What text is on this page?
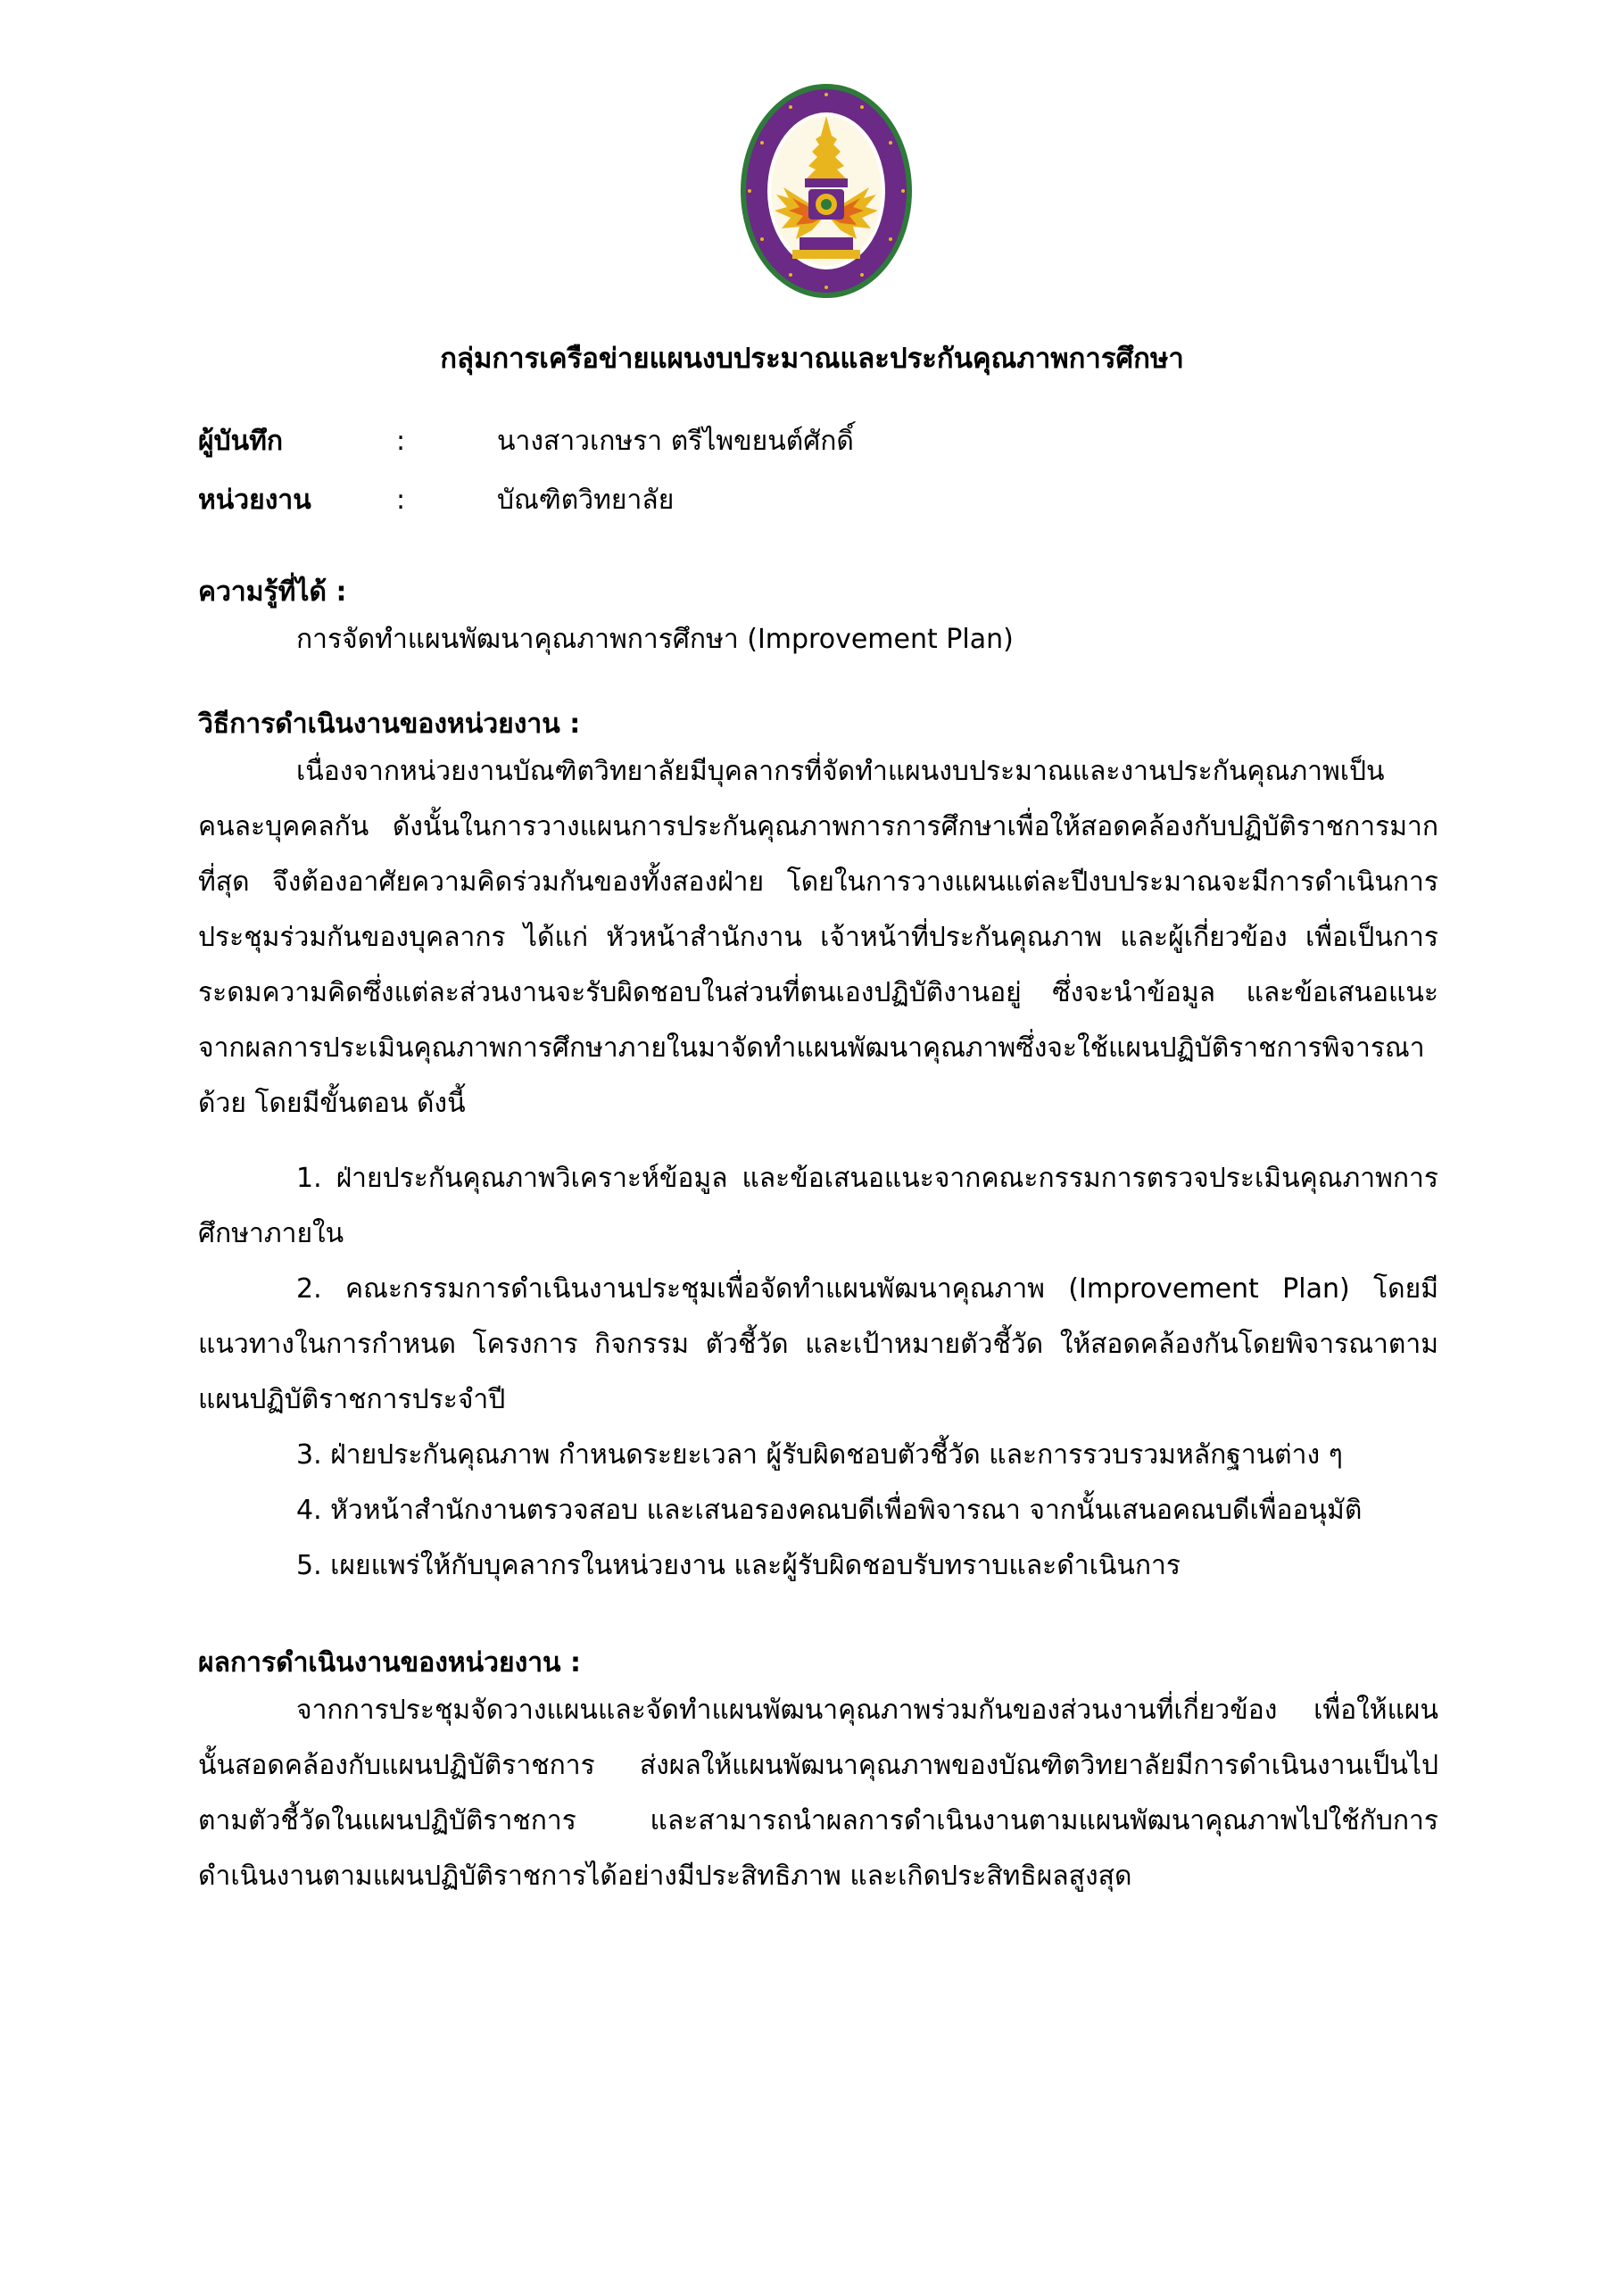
กลุ่มการเครือข่ายแผนงบประมาณและประกันคุณภาพการศึกษา
ผู้บันทึก	:	นางสาวเกษรา ตรีไพขยนต์ศักดิ์
หน่วยงาน	:	บัณฑิตวิทยาลัย
ความรู้ที่ได้ :
การจัดทำแผนพัฒนาคุณภาพการศึกษา (Improvement Plan)
วิธีการดำเนินงานของหน่วยงาน :
เนื่องจากหน่วยงานบัณฑิตวิทยาลัยมีบุคลากรที่จัดทำแผนงบประมาณและงานประกันคุณภาพเป็นคนละบุคคลกัน ดังนั้นในการวางแผนการประกันคุณภาพการการศึกษาเพื่อให้สอดคล้องกับปฏิบัติราชการมากที่สุด จึงต้องอาศัยความคิดร่วมกันของทั้งสองฝ่าย โดยในการวางแผนแต่ละปีงบประมาณจะมีการดำเนินการประชุมร่วมกันของบุคลากร ได้แก่ หัวหน้าสำนักงาน เจ้าหน้าที่ประกันคุณภาพ และผู้เกี่ยวข้อง เพื่อเป็นการระดมความคิดซึ่งแต่ละส่วนงานจะรับผิดชอบในส่วนที่ตนเองปฏิบัติงานอยู่ ซึ่งจะนำข้อมูล และข้อเสนอแนะจากผลการประเมินคุณภาพการศึกษาภายในมาจัดทำแผนพัฒนาคุณภาพซึ่งจะใช้แผนปฏิบัติราชการพิจารณาด้วย โดยมีขั้นตอน ดังนี้
1. ฝ่ายประกันคุณภาพวิเคราะห์ข้อมูล และข้อเสนอแนะจากคณะกรรมการตรวจประเมินคุณภาพการศึกษาภายใน
2. คณะกรรมการดำเนินงานประชุมเพื่อจัดทำแผนพัฒนาคุณภาพ (Improvement Plan) โดยมีแนวทางในการกำหนด โครงการ กิจกรรม ตัวชี้วัด และเป้าหมายตัวชี้วัด ให้สอดคล้องกันโดยพิจารณาตามแผนปฏิบัติราชการประจำปี
3. ฝ่ายประกันคุณภาพ กำหนดระยะเวลา ผู้รับผิดชอบตัวชี้วัด และการรวบรวมหลักฐานต่าง ๆ
4. หัวหน้าสำนักงานตรวจสอบ และเสนอรองคณบดีเพื่อพิจารณา จากนั้นเสนอคณบดีเพื่ออนุมัติ
5. เผยแพร่ให้กับบุคลากรในหน่วยงาน และผู้รับผิดชอบรับทราบและดำเนินการ
ผลการดำเนินงานของหน่วยงาน :
จากการประชุมจัดวางแผนและจัดทำแผนพัฒนาคุณภาพร่วมกันของส่วนงานที่เกี่ยวข้อง เพื่อให้แผนนั้นสอดคล้องกับแผนปฏิบัติราชการ ส่งผลให้แผนพัฒนาคุณภาพของบัณฑิตวิทยาลัยมีการดำเนินงานเป็นไปตามตัวชี้วัดในแผนปฏิบัติราชการ และสามารถนำผลการดำเนินงานตามแผนพัฒนาคุณภาพไปใช้กับการดำเนินงานตามแผนปฏิบัติราชการได้อย่างมีประสิทธิภาพ และเกิดประสิทธิผลสูงสุด
